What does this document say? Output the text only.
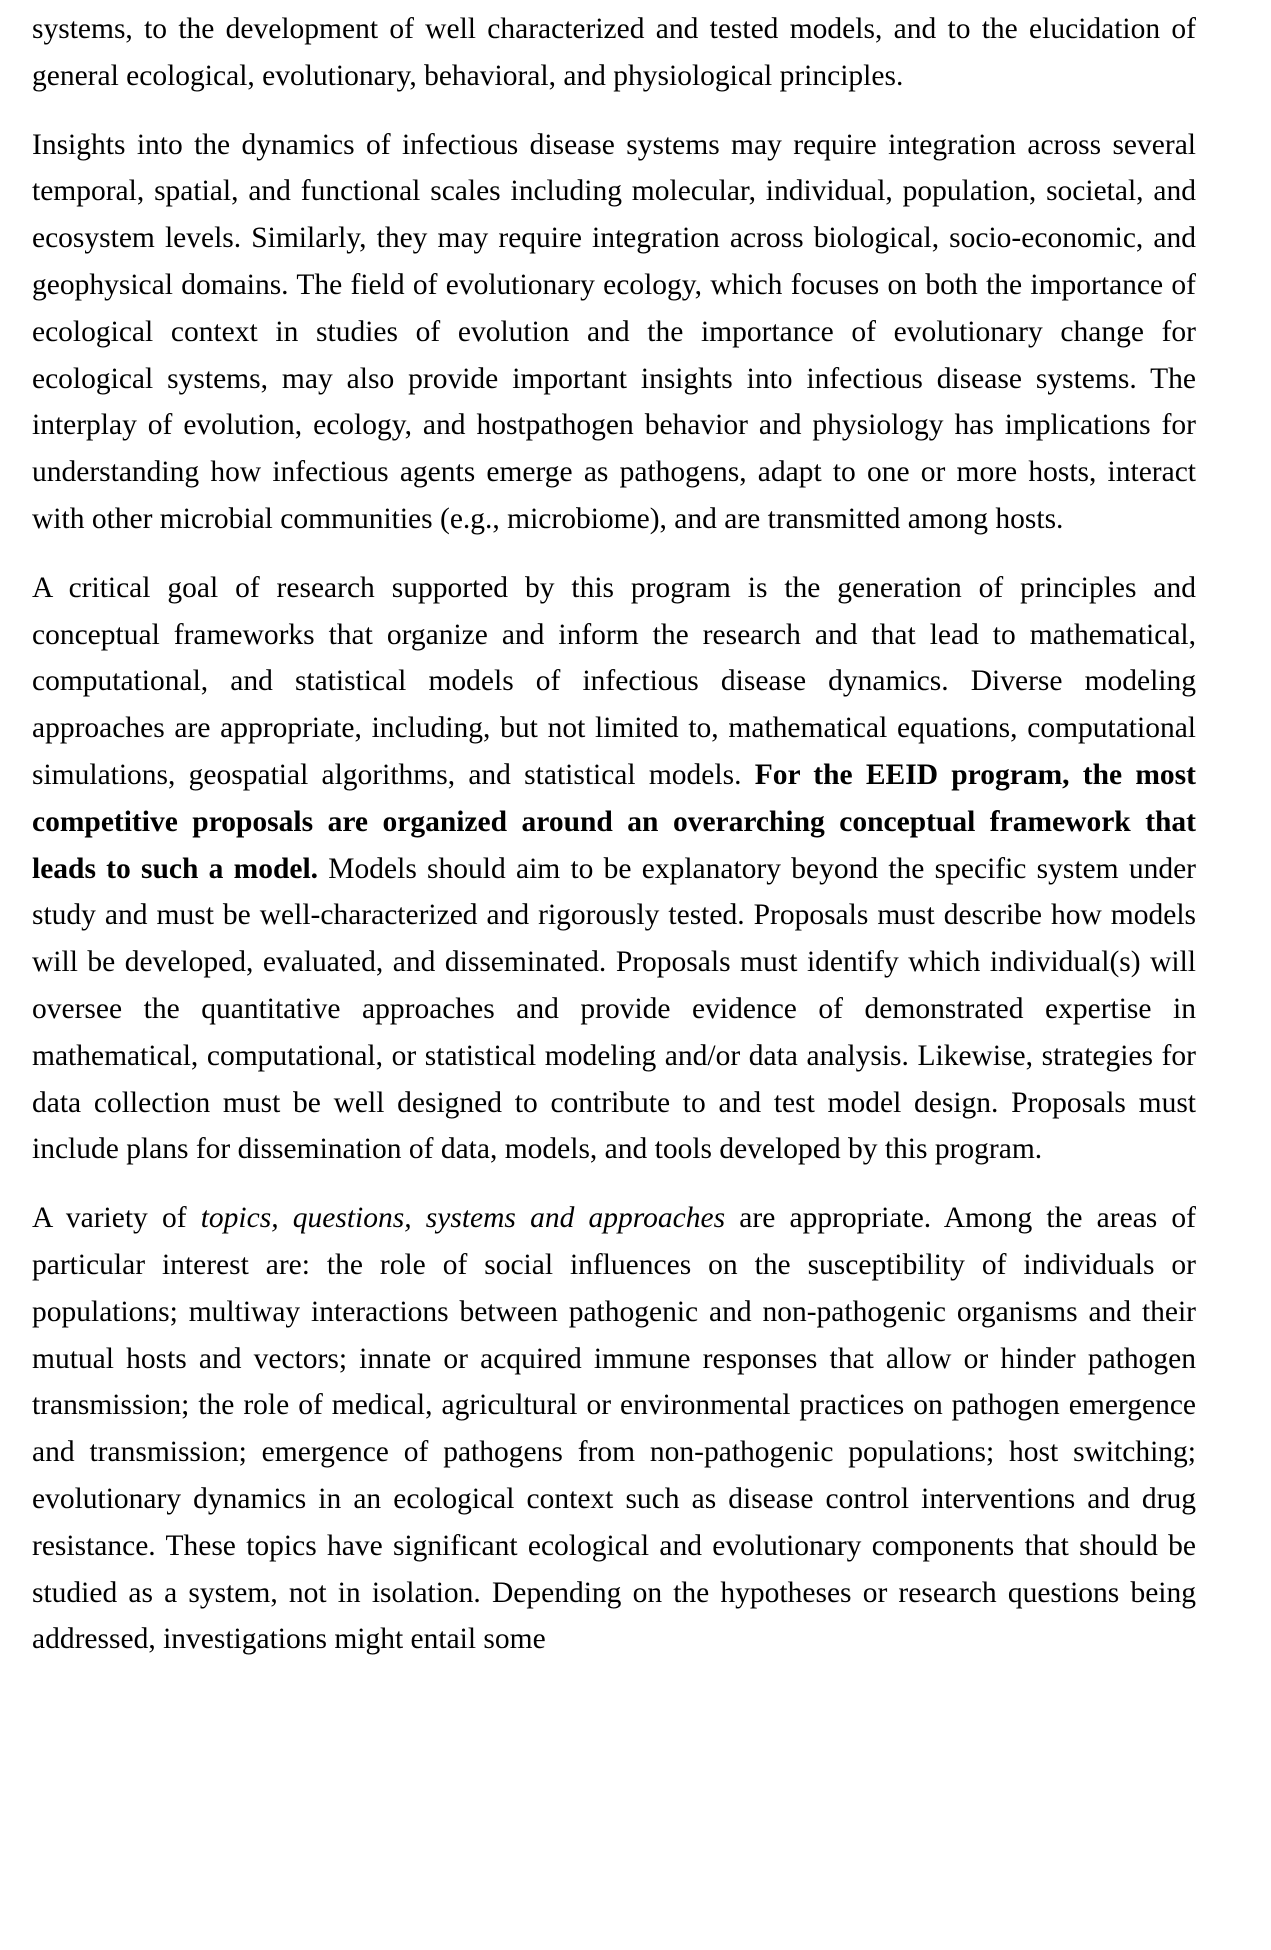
systems, to the development of well characterized and tested models, and to the elucidation of general ecological, evolutionary, behavioral, and physiological principles.

Insights into the dynamics of infectious disease systems may require integration across several temporal, spatial, and functional scales including molecular, individual, population, societal, and ecosystem levels. Similarly, they may require integration across biological, socio-economic, and geophysical domains. The field of evolutionary ecology, which focuses on both the importance of ecological context in studies of evolution and the importance of evolutionary change for ecological systems, may also provide important insights into infectious disease systems. The interplay of evolution, ecology, and hostpathogen behavior and physiology has implications for understanding how infectious agents emerge as pathogens, adapt to one or more hosts, interact with other microbial communities (e.g., microbiome), and are transmitted among hosts.

A critical goal of research supported by this program is the generation of principles and conceptual frameworks that organize and inform the research and that lead to mathematical, computational, and statistical models of infectious disease dynamics. Diverse modeling approaches are appropriate, including, but not limited to, mathematical equations, computational simulations, geospatial algorithms, and statistical models. For the EEID program, the most competitive proposals are organized around an overarching conceptual framework that leads to such a model. Models should aim to be explanatory beyond the specific system under study and must be well-characterized and rigorously tested. Proposals must describe how models will be developed, evaluated, and disseminated. Proposals must identify which individual(s) will oversee the quantitative approaches and provide evidence of demonstrated expertise in mathematical, computational, or statistical modeling and/or data analysis. Likewise, strategies for data collection must be well designed to contribute to and test model design. Proposals must include plans for dissemination of data, models, and tools developed by this program.

A variety of topics, questions, systems and approaches are appropriate. Among the areas of particular interest are: the role of social influences on the susceptibility of individuals or populations; multiway interactions between pathogenic and non-pathogenic organisms and their mutual hosts and vectors; innate or acquired immune responses that allow or hinder pathogen transmission; the role of medical, agricultural or environmental practices on pathogen emergence and transmission; emergence of pathogens from non-pathogenic populations; host switching; evolutionary dynamics in an ecological context such as disease control interventions and drug resistance. These topics have significant ecological and evolutionary components that should be studied as a system, not in isolation. Depending on the hypotheses or research questions being addressed, investigations might entail some
